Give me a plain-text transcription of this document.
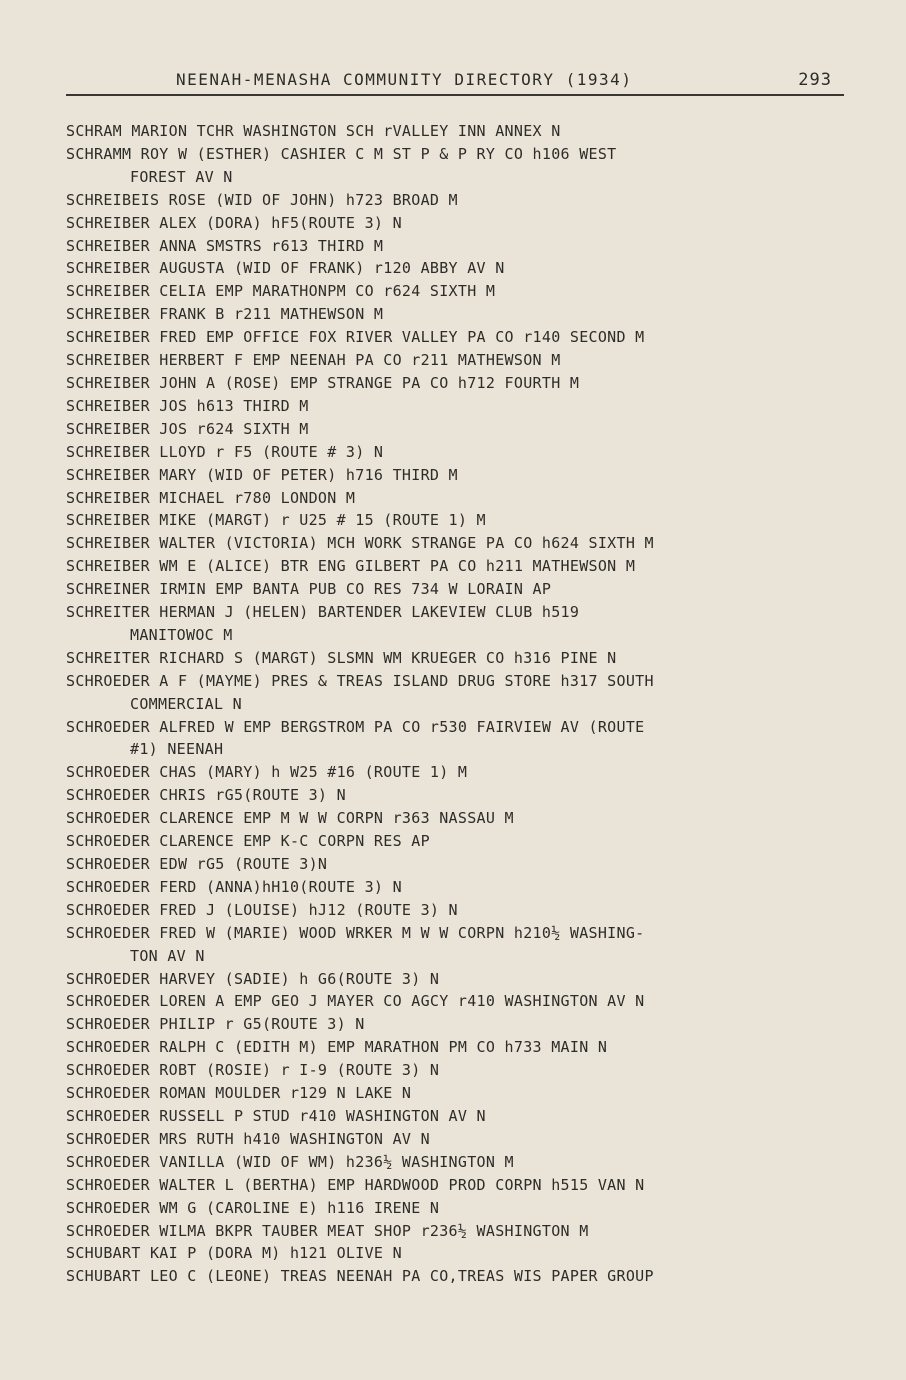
NEENAH-MENASHA COMMUNITY DIRECTORY (1934)	293
SCHRAM MARION TCHR WASHINGTON SCH rVALLEY INN ANNEX N
SCHRAMM ROY W (ESTHER) CASHIER C M ST P & P RY CO h106 WEST
FOREST AV N
SCHREIBEIS ROSE (WID OF JOHN) h723 BROAD M
SCHREIBER ALEX (DORA) hF5(ROUTE 3) N
SCHREIBER ANNA SMSTRS r613 THIRD M
SCHREIBER AUGUSTA (WID OF FRANK) r120 ABBY AV N
SCHREIBER CELIA EMP MARATHONPM CO r624 SIXTH M
SCHREIBER FRANK B r211 MATHEWSON M
SCHREIBER FRED EMP OFFICE FOX RIVER VALLEY PA CO r140 SECOND M
SCHREIBER HERBERT F EMP NEENAH PA CO r211 MATHEWSON M
SCHREIBER JOHN A (ROSE) EMP STRANGE PA CO h712 FOURTH M
SCHREIBER JOS h613 THIRD M
SCHREIBER JOS r624 SIXTH M
SCHREIBER LLOYD r F5 (ROUTE # 3) N
SCHREIBER MARY (WID OF PETER) h716 THIRD M
SCHREIBER MICHAEL r780 LONDON M
SCHREIBER MIKE (MARGT) r U25 # 15 (ROUTE 1) M
SCHREIBER WALTER (VICTORIA) MCH WORK STRANGE PA CO h624 SIXTH M
SCHREIBER WM E (ALICE) BTR ENG GILBERT PA CO h211 MATHEWSON M
SCHREINER IRMIN EMP BANTA PUB CO RES 734 W LORAIN AP
SCHREITER HERMAN J (HELEN) BARTENDER LAKEVIEW CLUB h519
MANITOWOC M
SCHREITER RICHARD S (MARGT) SLSMN WM KRUEGER CO h316 PINE N
SCHROEDER A F (MAYME) PRES & TREAS ISLAND DRUG STORE h317 SOUTH
COMMERCIAL N
SCHROEDER ALFRED W EMP BERGSTROM PA CO r530 FAIRVIEW AV (ROUTE
#1) NEENAH
SCHROEDER CHAS (MARY) h W25 #16 (ROUTE 1) M
SCHROEDER CHRIS rG5(ROUTE 3) N
SCHROEDER CLARENCE EMP M W W CORPN r363 NASSAU M
SCHROEDER CLARENCE EMP K-C CORPN RES AP
SCHROEDER EDW rG5 (ROUTE 3)N
SCHROEDER FERD (ANNA)hH10(ROUTE 3) N
SCHROEDER FRED J (LOUISE) hJ12 (ROUTE 3) N
SCHROEDER FRED W (MARIE) WOOD WRKER M W W CORPN h210½ WASHING-
TON AV N
SCHROEDER HARVEY (SADIE) h G6(ROUTE 3) N
SCHROEDER LOREN A EMP GEO J MAYER CO AGCY r410 WASHINGTON AV N
SCHROEDER PHILIP r G5(ROUTE 3) N
SCHROEDER RALPH C (EDITH M) EMP MARATHON PM CO h733 MAIN N
SCHROEDER ROBT (ROSIE) r I-9 (ROUTE 3) N
SCHROEDER ROMAN MOULDER r129 N LAKE N
SCHROEDER RUSSELL P STUD r410 WASHINGTON AV N
SCHROEDER MRS RUTH h410 WASHINGTON AV N
SCHROEDER VANILLA (WID OF WM) h236½ WASHINGTON M
SCHROEDER WALTER L (BERTHA) EMP HARDWOOD PROD CORPN h515 VAN N
SCHROEDER WM G (CAROLINE E) h116 IRENE N
SCHROEDER WILMA BKPR TAUBER MEAT SHOP r236½ WASHINGTON M
SCHUBART KAI P (DORA M) h121 OLIVE N
SCHUBART LEO C (LEONE) TREAS NEENAH PA CO,TREAS WIS PAPER GROUP
